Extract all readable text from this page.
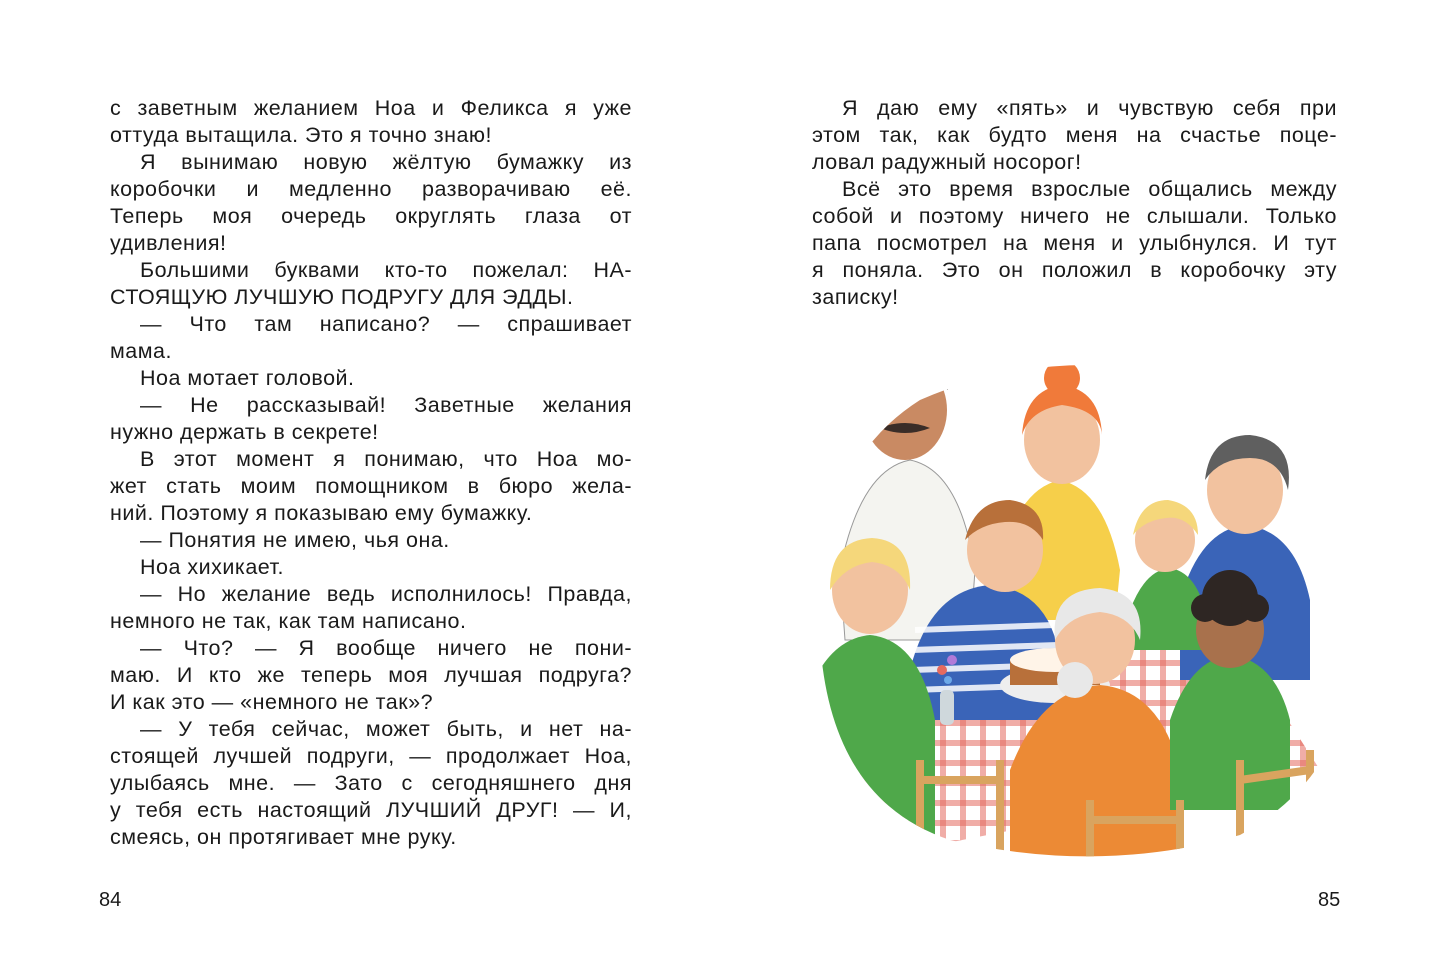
с заветным желанием Ноа и Феликса я уже
оттуда вытащила. Это я точно знаю!
Я вынимаю новую жёлтую бумажку из
коробочки и медленно разворачиваю её.
Теперь моя очередь округлять глаза от
удивления!
Большими буквами кто-то пожелал: НА-
СТОЯЩУЮ ЛУЧШУЮ ПОДРУГУ ДЛЯ ЭДДЫ.
— Что там написано? — спрашивает
мама.
Ноа мотает головой.
— Не рассказывай! Заветные желания
нужно держать в секрете!
В этот момент я понимаю, что Ноа мо-
жет стать моим помощником в бюро жела-
ний. Поэтому я показываю ему бумажку.
— Понятия не имею, чья она.
Ноа хихикает.
— Но желание ведь исполнилось! Правда,
немного не так, как там написано.
— Что? — Я вообще ничего не пони-
маю. И кто же теперь моя лучшая подруга?
И как это — «немного не так»?
— У тебя сейчас, может быть, и нет на-
стоящей лучшей подруги, — продолжает Ноа,
улыбаясь мне. — Зато с сегодняшнего дня
у тебя есть настоящий ЛУЧШИЙ ДРУГ! — И,
смеясь, он протягивает мне руку.
84
Я даю ему «пять» и чувствую себя при
этом так, как будто меня на счастье поце-
ловал радужный носорог!
Всё это время взрослые общались между
собой и поэтому ничего не слышали. Только
папа посмотрел на меня и улыбнулся. И тут
я поняла. Это он положил в коробочку эту
записку!
85
